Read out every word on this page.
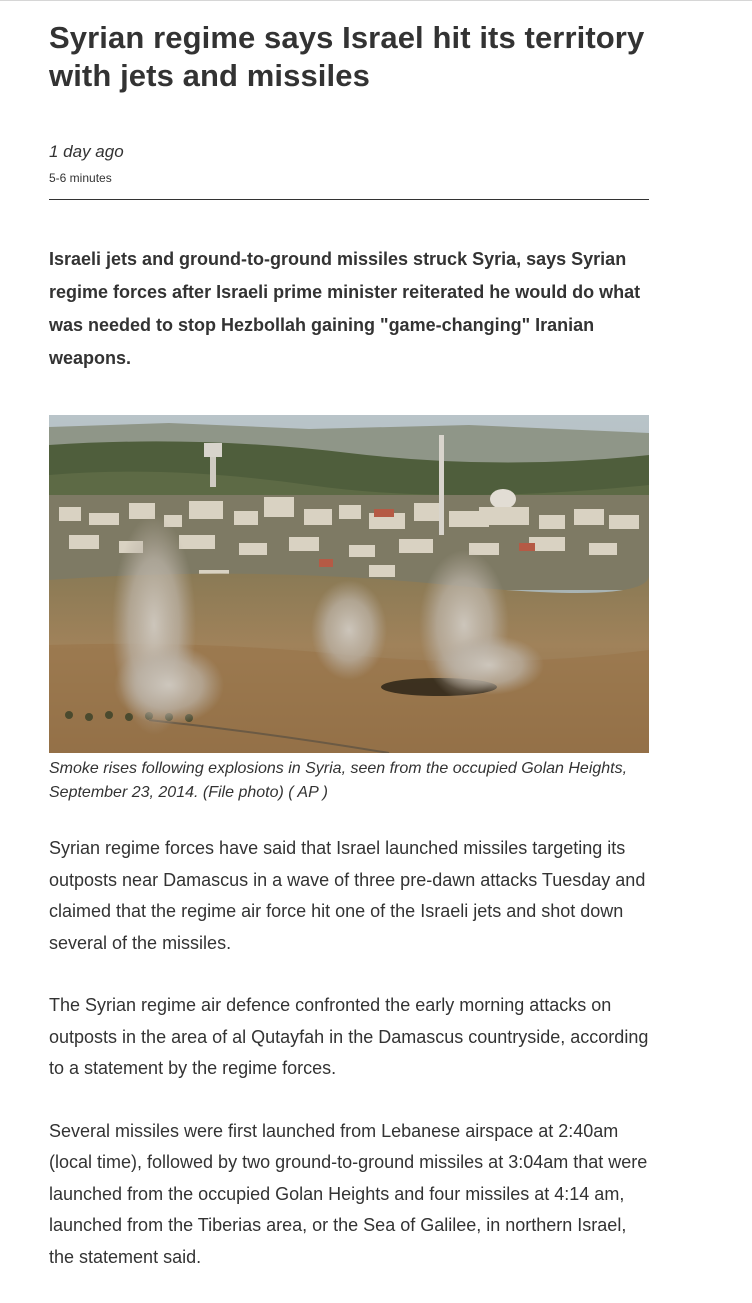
Syrian regime says Israel hit its territory with jets and missiles
1 day ago
5-6 minutes

Israeli jets and ground-to-ground missiles struck Syria, says Syrian regime forces after Israeli prime minister reiterated he would do what was needed to stop Hezbollah gaining "game-changing" Iranian weapons.

Smoke rises following explosions in Syria, seen from the occupied Golan Heights, September 23, 2014. (File photo) ( AP )

Syrian regime forces have said that Israel launched missiles targeting its outposts near Damascus in a wave of three pre-dawn attacks Tuesday and claimed that the regime air force hit one of the Israeli jets and shot down several of the missiles.

The Syrian regime air defence confronted the early morning attacks on outposts in the area of al Qutayfah in the Damascus countryside, according to a statement by the regime forces.

Several missiles were first launched from Lebanese airspace at 2:40am (local time), followed by two ground-to-ground missiles at 3:04am that were launched from the occupied Golan Heights and four missiles at 4:14 am, launched from the Tiberias area, or the Sea of Galilee, in northern Israel, the statement said.
